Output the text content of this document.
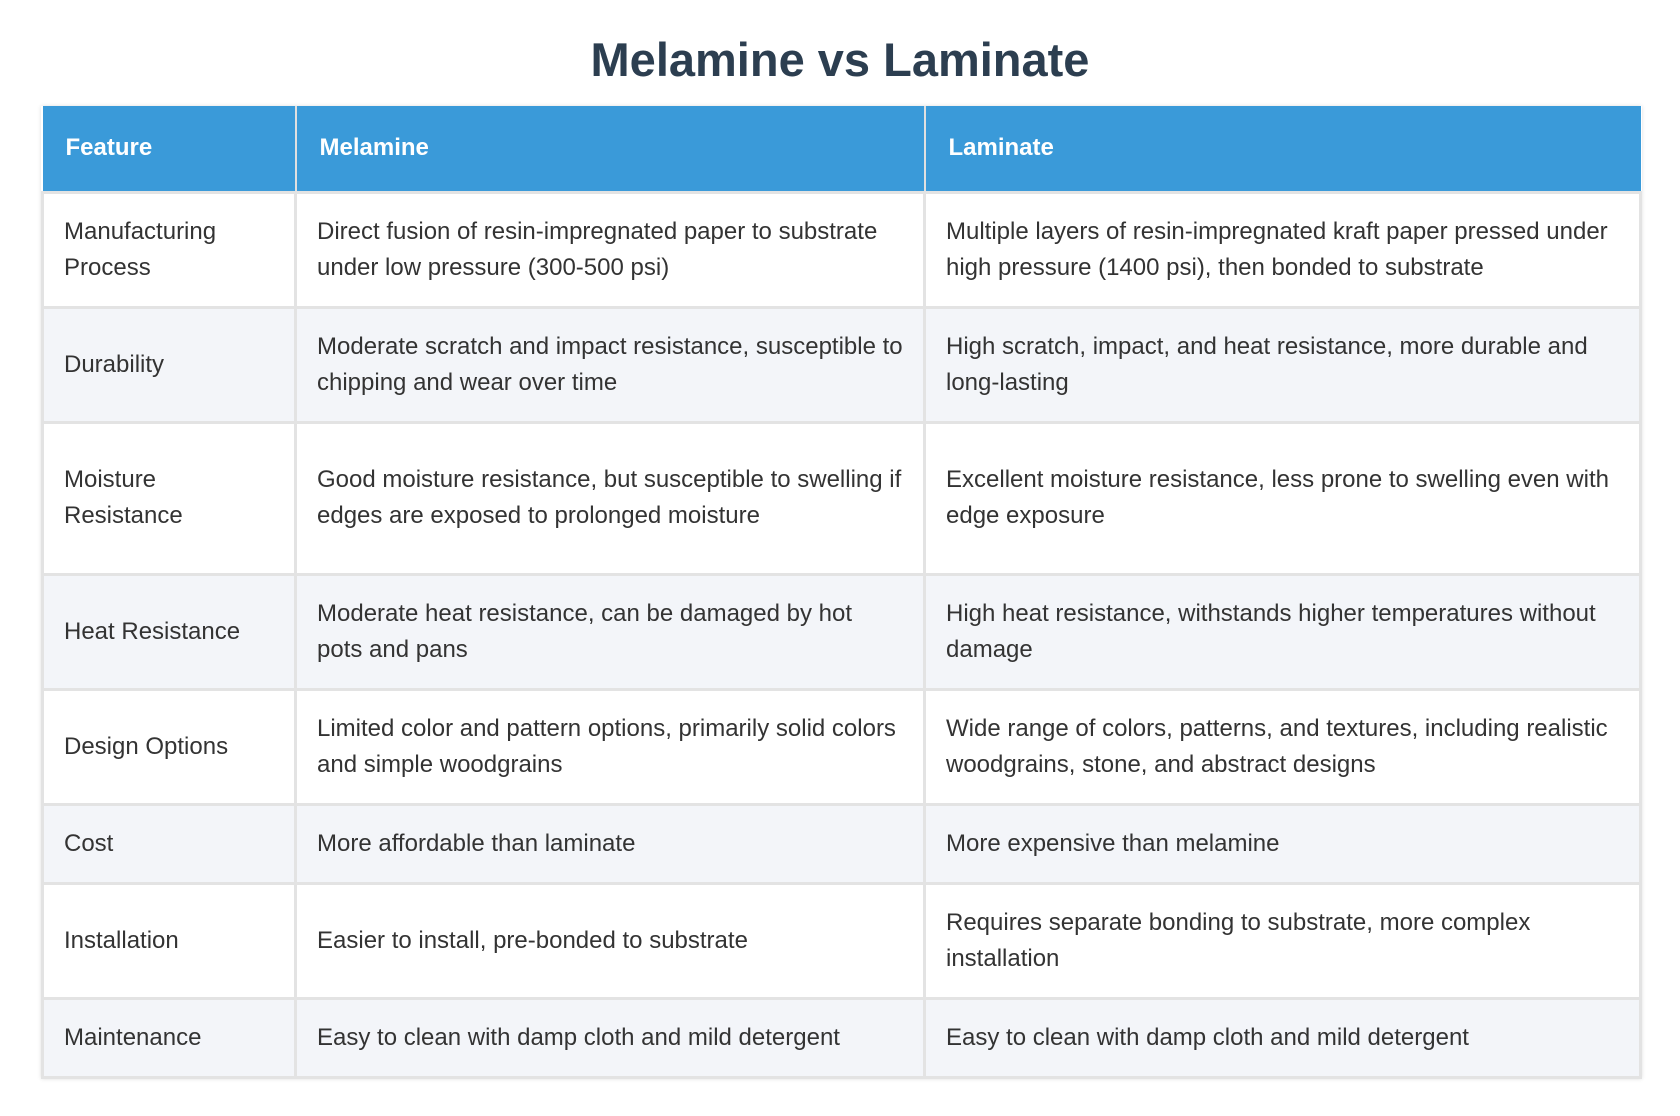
Melamine vs Laminate
Feature	Melamine	Laminate
Manufacturing Process	Direct fusion of resin-impregnated paper to substrate under low pressure (300-500 psi)	Multiple layers of resin-impregnated kraft paper pressed under high pressure (1400 psi), then bonded to substrate
Durability	Moderate scratch and impact resistance, susceptible to chipping and wear over time	High scratch, impact, and heat resistance, more durable and long-lasting
Moisture Resistance	Good moisture resistance, but susceptible to swelling if edges are exposed to prolonged moisture	Excellent moisture resistance, less prone to swelling even with edge exposure
Heat Resistance	Moderate heat resistance, can be damaged by hot pots and pans	High heat resistance, withstands higher temperatures without damage
Design Options	Limited color and pattern options, primarily solid colors and simple woodgrains	Wide range of colors, patterns, and textures, including realistic woodgrains, stone, and abstract designs
Cost	More affordable than laminate	More expensive than melamine
Installation	Easier to install, pre-bonded to substrate	Requires separate bonding to substrate, more complex installation
Maintenance	Easy to clean with damp cloth and mild detergent	Easy to clean with damp cloth and mild detergent
